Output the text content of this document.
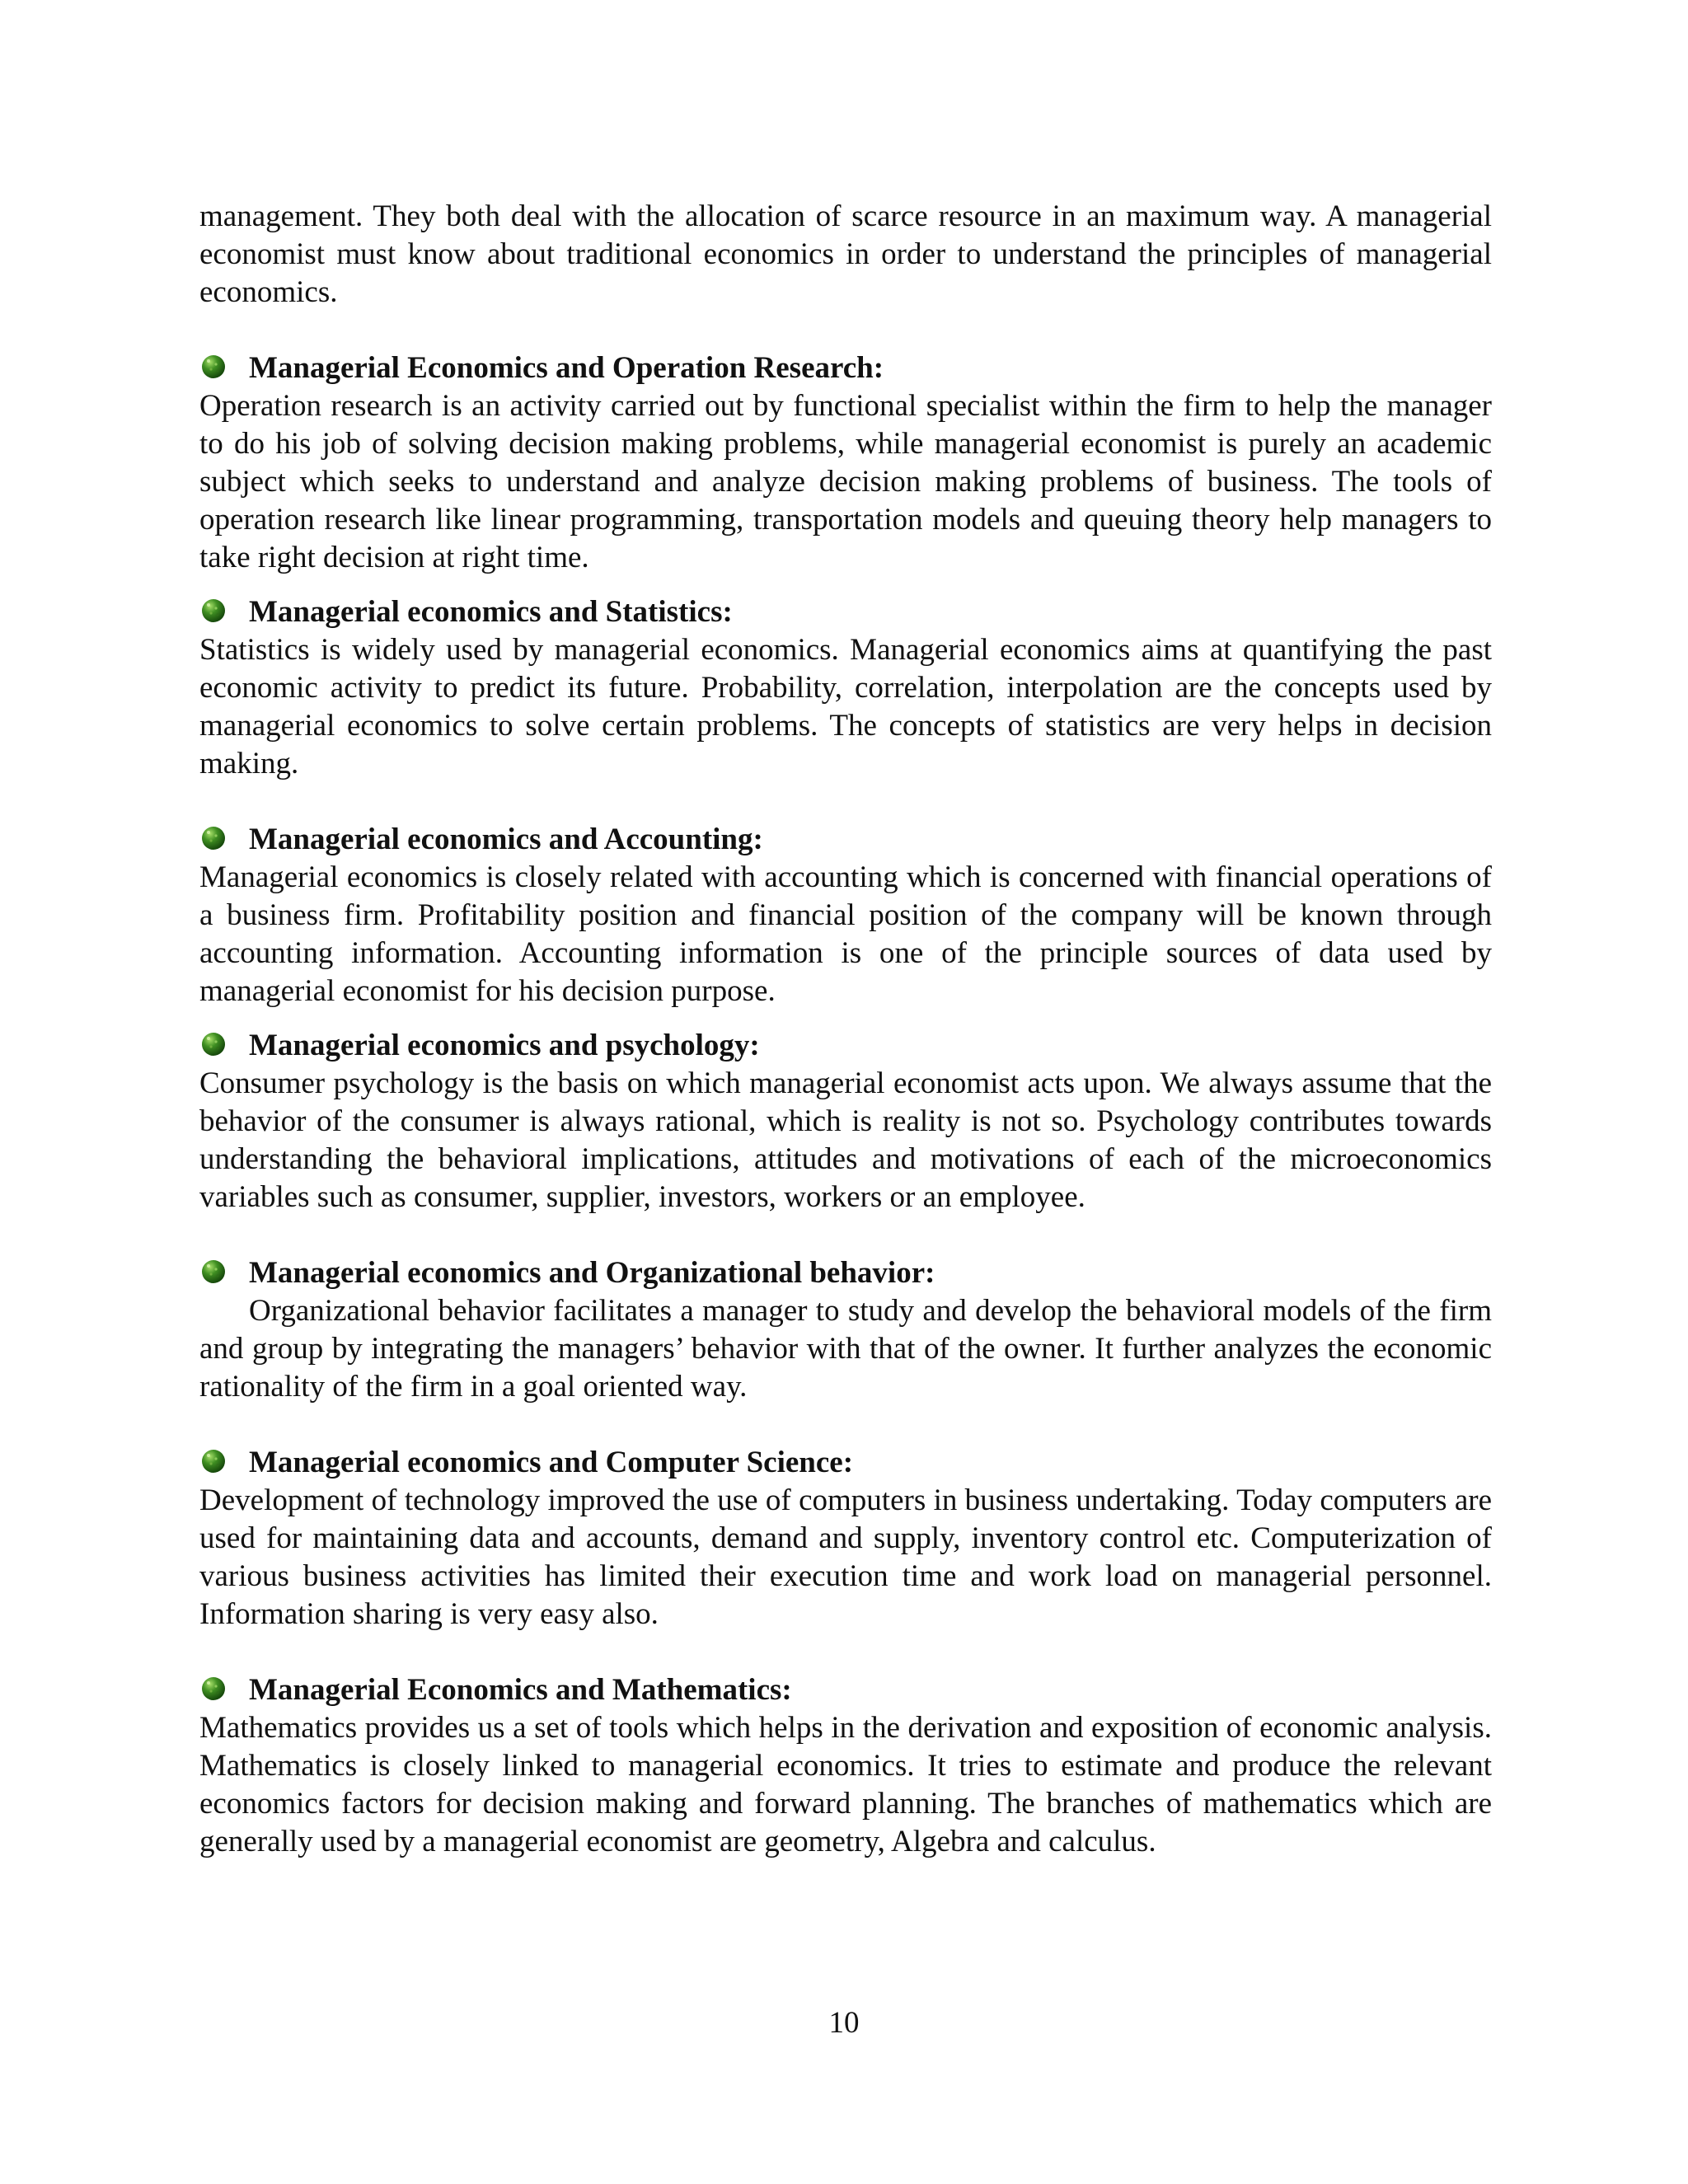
management. They both deal with the allocation of scarce resource in an maximum way. A managerial economist must know about traditional economics in order to understand the principles of managerial economics.

Managerial Economics and Operation Research:

Operation research is an activity carried out by functional specialist within the firm to help the manager to do his job of solving decision making problems, while managerial economist is purely an academic subject which seeks to understand and analyze decision making problems of business. The tools of operation research like linear programming, transportation models and queuing theory help managers to take right decision at right time.

Managerial economics and Statistics:

Statistics is widely used by managerial economics. Managerial economics aims at quantifying the past economic activity to predict its future. Probability, correlation, interpolation are the concepts used by managerial economics to solve certain problems. The concepts of statistics are very helps in decision making.

Managerial economics and Accounting:

Managerial economics is closely related with accounting which is concerned with financial operations of a business firm. Profitability position and financial position of the company will be known through accounting information. Accounting information is one of the principle sources of data used by managerial economist for his decision purpose.

Managerial economics and psychology:

Consumer psychology is the basis on which managerial economist acts upon. We always assume that the behavior of the consumer is always rational, which is reality is not so. Psychology contributes towards understanding the behavioral implications, attitudes and motivations of each of the microeconomics variables such as consumer, supplier, investors, workers or an employee.

Managerial economics and Organizational behavior:

Organizational behavior facilitates a manager to study and develop the behavioral models of the firm and group by integrating the managers’ behavior with that of the owner. It further analyzes the economic rationality of the firm in a goal oriented way.

Managerial economics and Computer Science:

Development of technology improved the use of computers in business undertaking. Today computers are used for maintaining data and accounts, demand and supply, inventory control etc. Computerization of various business activities has limited their execution time and work load on managerial personnel. Information sharing is very easy also.

Managerial Economics and Mathematics:

Mathematics provides us a set of tools which helps in the derivation and exposition of economic analysis. Mathematics is closely linked to managerial economics. It tries to estimate and produce the relevant economics factors for decision making and forward planning. The branches of mathematics which are generally used by a managerial economist are geometry, Algebra and calculus.

10
